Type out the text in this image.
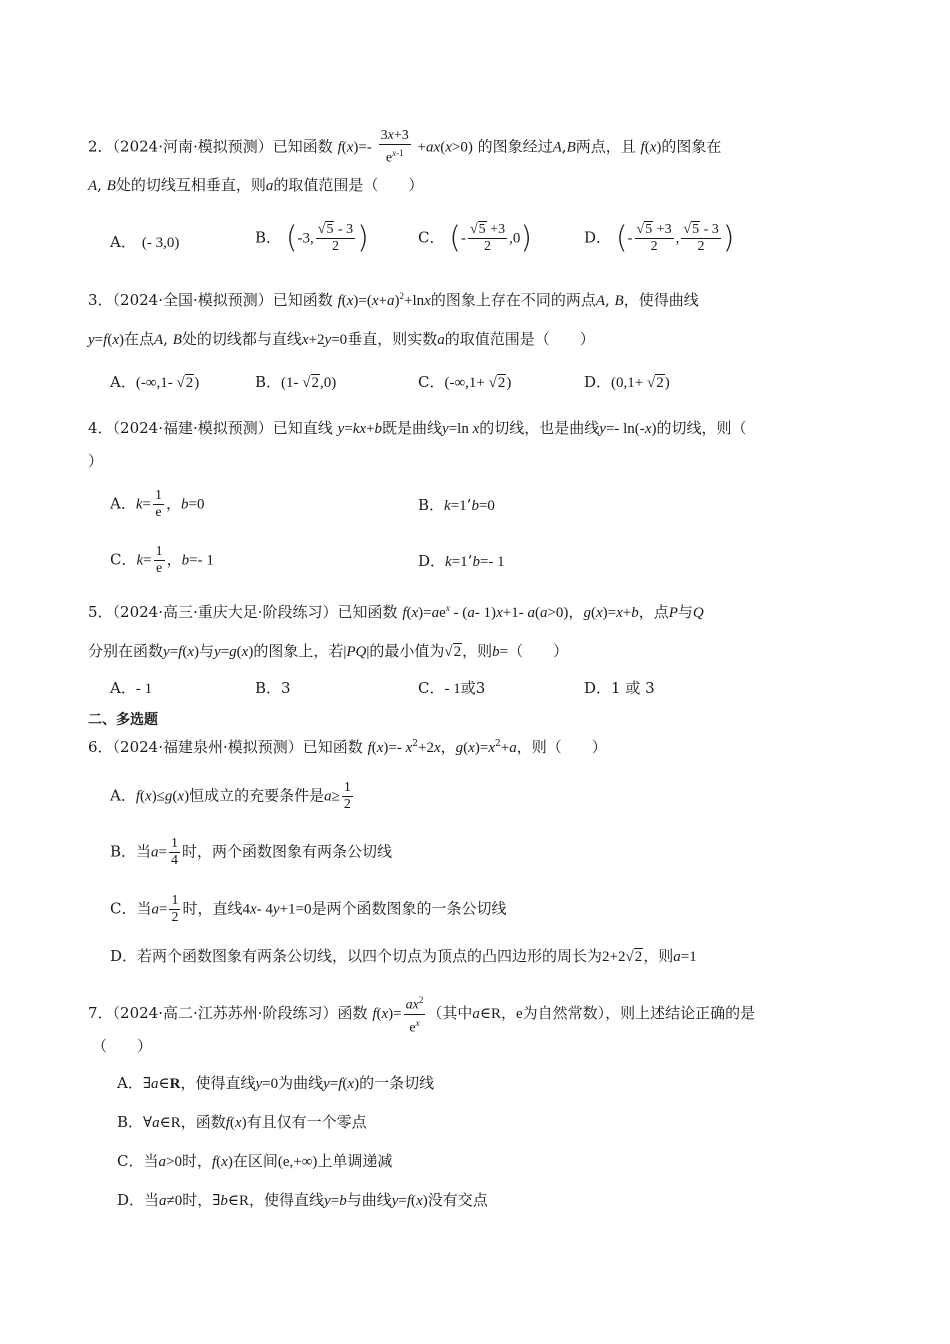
2．（2024·河南·模拟预测）已知函数 $f(x)=- \frac{3x+3}{e^{x-1}} +ax(x>0)$ 的图象经过A,B两点，且 f(x)的图象在
A, B处的切线互相垂直，则a的取值范围是（　　）
A． (- 3,0)	B． (-3, $\frac{√5 - 3}{2}$ )	C． (- $\frac{√5 +3}{2} ,0$)	D． (- $\frac{√5 +3}{2}$ , $\frac{√5 - 3}{2}$ )
3．（2024·全国·模拟预测）已知函数 $f(x)=(x+a)^2+\ln x$的图象上存在不同的两点A, B，使得曲线
y=f(x)在点A, B处的切线都与直线x+2y=0垂直，则实数a的取值范围是（　　）
A．(-∞,1- √2)	B．(1- √2,0)	C．(-∞,1+ √2)	D．(0,1+ √2)
4．（2024·福建·模拟预测）已知直线 y=kx+b既是曲线y=ln x的切线，也是曲线y=- ln(-x)的切线，则（
）
A．$k= \frac{1}{e}$ ，b=0	B．k=1’b=0
C．$k= \frac{1}{e}$ ，b=- 1	D．k=1’b=- 1
5．（2024·高三·重庆大足·阶段练习）已知函数 $f(x)=ae^x - (a-$ 1)x+1- a(a>0)，g(x)=x+b，点P与Q
分别在函数y=f(x)与y=g(x)的图象上，若|PQ|的最小值为√2，则b=（　　）
A．- 1	B．3	C．- 1或3	D．1 或 3
二、多选题
6．（2024·福建泉州·模拟预测）已知函数 f(x)=- $x^2+2x$，$g(x)=x^2+a$，则（　　）
A．f(x)≤g(x)恒成立的充要条件是$a\ge \frac{1}{2}$
B．当$a= \frac{1}{4}$ 时，两个函数图象有两条公切线
C．当$a= \frac{1}{2}$ 时，直线4x- 4y+1=0是两个函数图象的一条公切线
D．若两个函数图象有两条公切线，以四个切点为顶点的凸四边形的周长为2+2√2，则a=1
7．（2024·高二·江苏苏州·阶段练习）函数 $f(x)= \frac{ax^2}{e^x}$ （其中a∈R，e为自然常数），则上述结论正确的是
（　　）
A．∃a∈R，使得直线y=0为曲线y=f(x)的一条切线
B．∀a∈R，函数f(x)有且仅有一个零点
C．当a>0时，f(x)在区间(e,+∞)上单调递减
D．当a≠0时，∃b∈R，使得直线y=b与曲线y=f(x)没有交点
